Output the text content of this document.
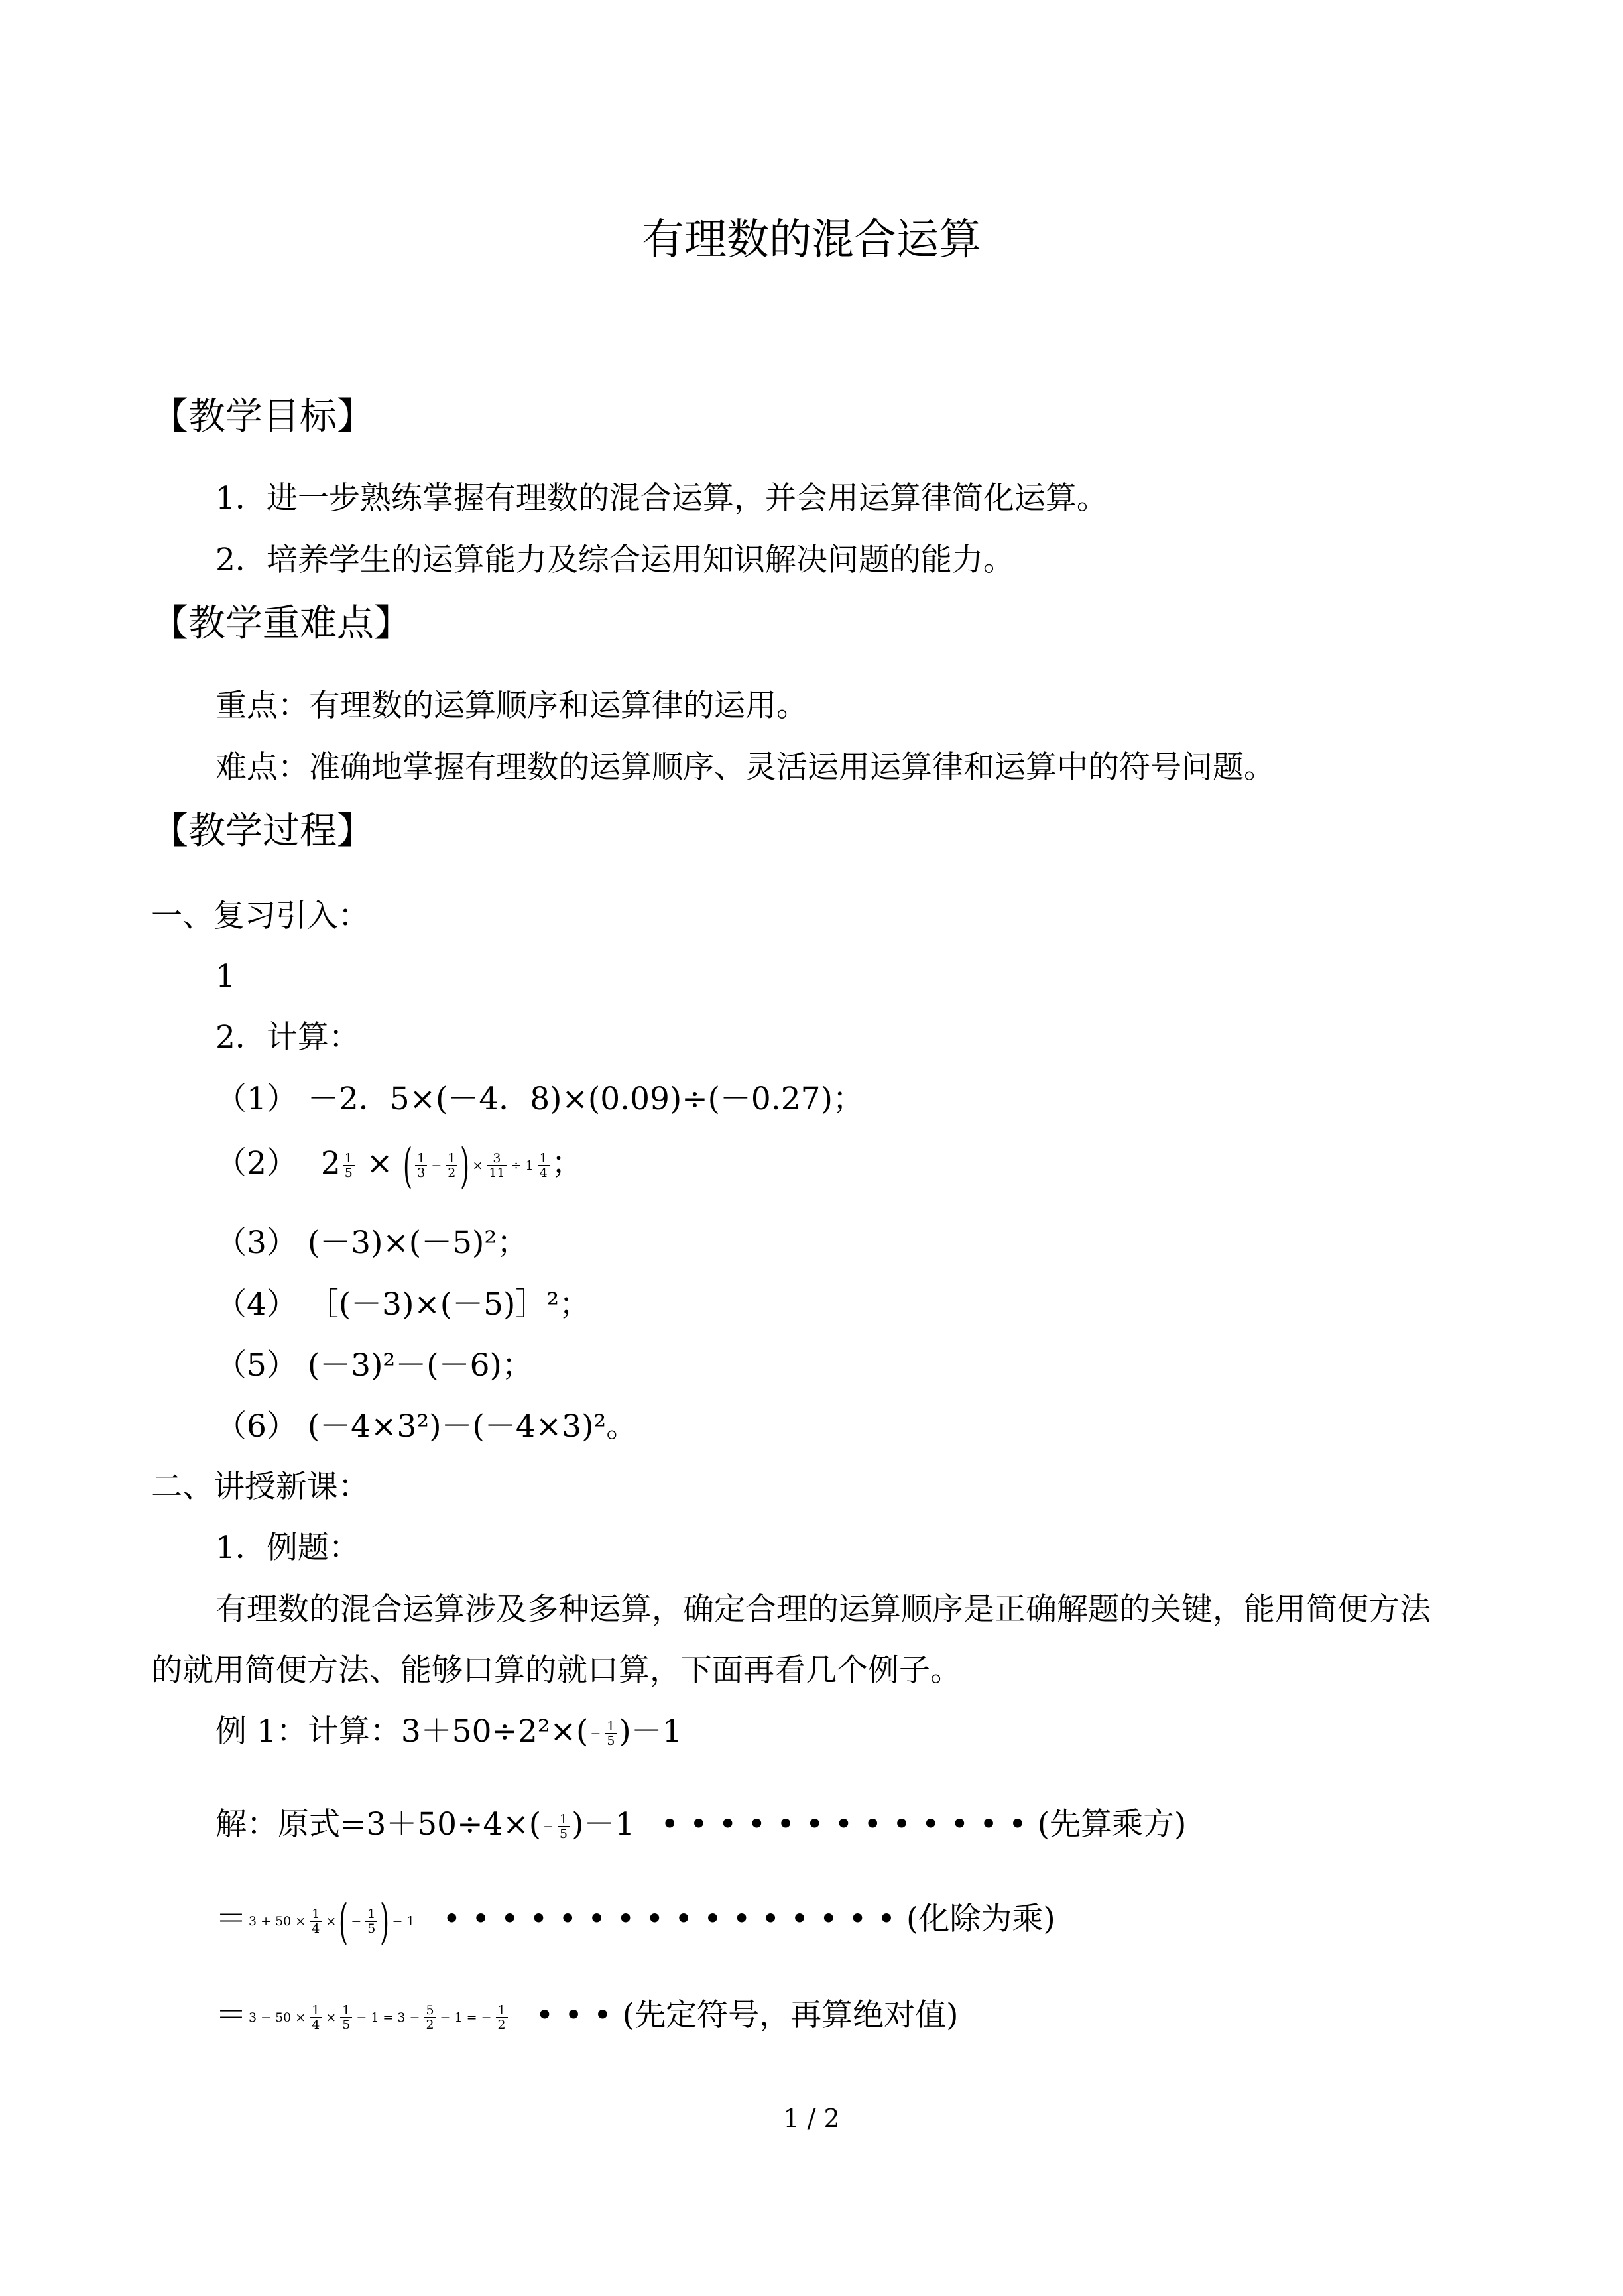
有理数的混合运算
【教学目标】
1．进一步熟练掌握有理数的混合运算，并会用运算律简化运算。
2．培养学生的运算能力及综合运用知识解决问题的能力。
【教学重难点】
重点：有理数的运算顺序和运算律的运用。
难点：准确地掌握有理数的运算顺序、灵活运用运算律和运算中的符号问题。
【教学过程】
一、复习引入：
1
2．计算：
（1） －2．5×(－4．8)×(0.09)÷(－0.27)；
（2） $2 \frac{1}{5}$ × ( $\frac{1}{3} - \frac{1}{2}$ ) × $\frac{3}{11} \div 1 \frac{1}{4}$ ；
（3） (－3)×(－5)²；
（4） ［(－3)×(－5)］²；
（5） (－3)²－(－6)；
（6） (－4×3²)－(－4×3)²。
二、讲授新课：
1．例题：
有理数的混合运算涉及多种运算，确定合理的运算顺序是正确解题的关键，能用简便方法
的就用简便方法、能够口算的就口算，下面再看几个例子。
例 1：计算：$3+50\div 2^2\times( - \frac{1}{5} )-1$
解：原式$=3+50\div 4\times( - \frac{1}{5} )-1$ •••••••••••••(先算乘方)
＝ $3 + 50 \times \frac{1}{4}$ ×( − $\frac{1}{5}$ ) − 1 ••••••••••••••••(化除为乘)
＝ $3 - 50 \times \frac{1}{4} \times \frac{1}{5} - 1 = 3 - \frac{5}{2} - 1$ = − $\frac{1}{2}$ •••(先定符号，再算绝对值)
1 / 2
